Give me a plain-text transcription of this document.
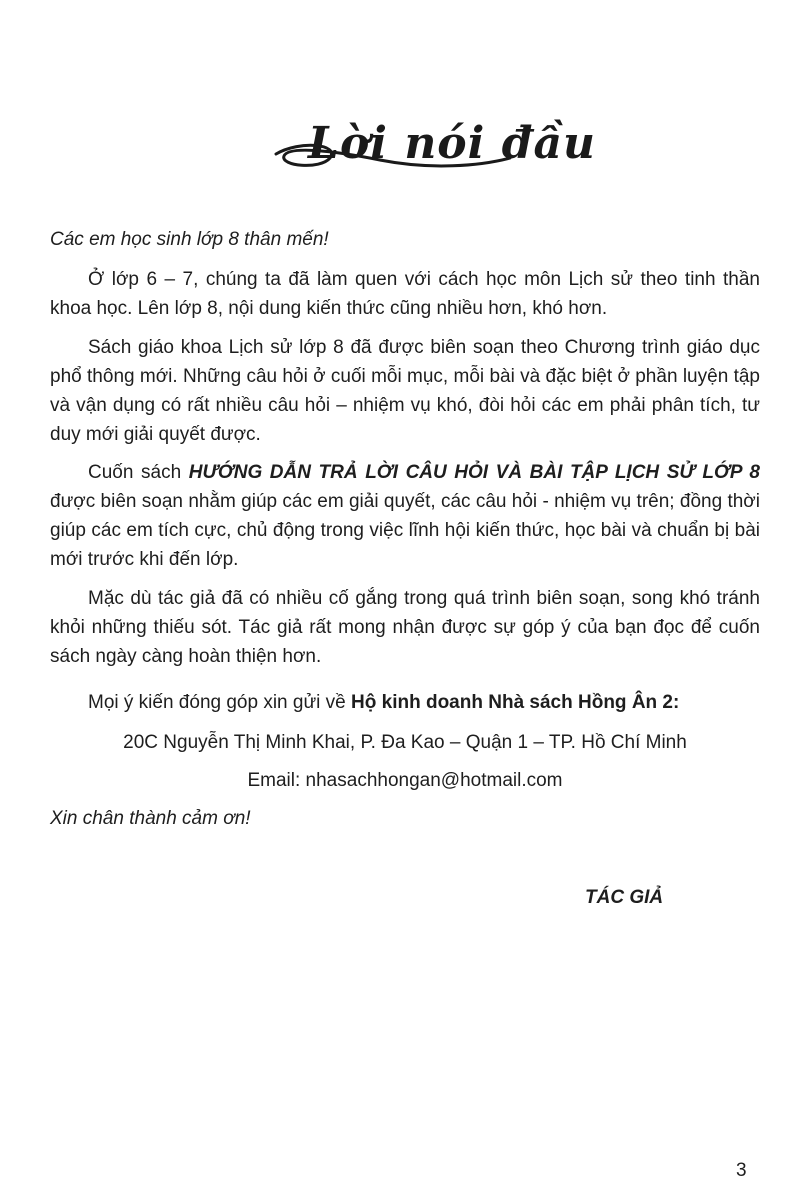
Lời nói đầu

Các em học sinh lớp 8 thân mến!

Ở lớp 6 – 7, chúng ta đã làm quen với cách học môn Lịch sử theo tinh thần khoa học. Lên lớp 8, nội dung kiến thức cũng nhiều hơn, khó hơn.

Sách giáo khoa Lịch sử lớp 8 đã được biên soạn theo Chương trình giáo dục phổ thông mới. Những câu hỏi ở cuối mỗi mục, mỗi bài và đặc biệt ở phần luyện tập và vận dụng có rất nhiều câu hỏi – nhiệm vụ khó, đòi hỏi các em phải phân tích, tư duy mới giải quyết được.

Cuốn sách HƯỚNG DẪN TRẢ LỜI CÂU HỎI VÀ BÀI TẬP LỊCH SỬ LỚP 8 được biên soạn nhằm giúp các em giải quyết, các câu hỏi - nhiệm vụ trên; đồng thời giúp các em tích cực, chủ động trong việc lĩnh hội kiến thức, học bài và chuẩn bị bài mới trước khi đến lớp.

Mặc dù tác giả đã có nhiều cố gắng trong quá trình biên soạn, song khó tránh khỏi những thiếu sót. Tác giả rất mong nhận được sự góp ý của bạn đọc để cuốn sách ngày càng hoàn thiện hơn.

Mọi ý kiến đóng góp xin gửi về Hộ kinh doanh Nhà sách Hồng Ân 2:

20C Nguyễn Thị Minh Khai, P. Đa Kao – Quận 1 – TP. Hồ Chí Minh

Email: nhasachhongan@hotmail.com

Xin chân thành cảm ơn!

TÁC GIẢ
3
